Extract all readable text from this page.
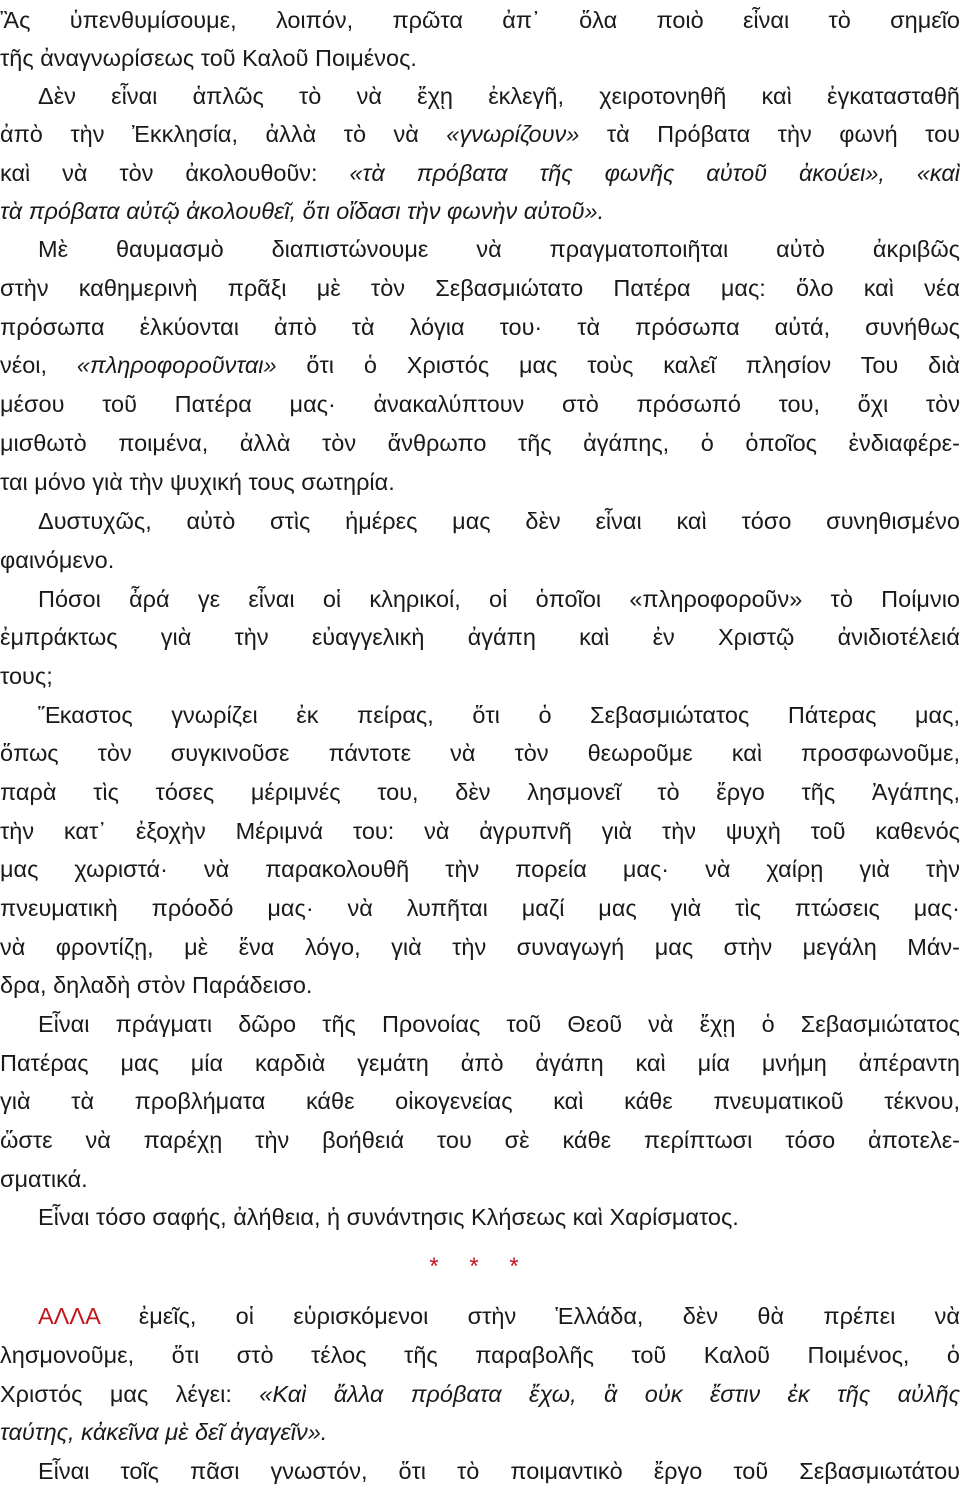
Ἂς ὑπενθυμίσουμε, λοιπόν, πρῶτα ἀπ᾽ ὅλα ποιὸ εἶναι τὸ σημεῖο
τῆς ἀναγνωρίσεως τοῦ Καλοῦ Ποιμένος.
Δὲν εἶναι ἁπλῶς τὸ νὰ ἔχῃ ἐκλεγῆ, χειροτονηθῆ καὶ ἐγκατασταθῆ
ἀπὸ τὴν Ἐκκλησία, ἀλλὰ τὸ νὰ «γνωρίζουν» τὰ Πρόβατα τὴν φωνή του
καὶ νὰ τὸν ἀκολουθοῦν: «τὰ πρόβατα τῆς φωνῆς αὐτοῦ ἀκούει», «καὶ
τὰ πρόβατα αὐτῷ ἀκολουθεῖ, ὅτι οἴδασι τὴν φωνὴν αὐτοῦ».
Μὲ θαυμασμὸ διαπιστώνουμε νὰ πραγματοποιῆται αὐτὸ ἀκριβῶς
στὴν καθημερινὴ πρᾶξι μὲ τὸν Σεβασμιώτατο Πατέρα μας: ὅλο καὶ νέα
πρόσωπα ἑλκύονται ἀπὸ τὰ λόγια του· τὰ πρόσωπα αὐτά, συνήθως
νέοι, «πληροφοροῦνται» ὅτι ὁ Χριστός μας τοὺς καλεῖ πλησίον Του διὰ
μέσου τοῦ Πατέρα μας· ἀνακαλύπτουν στὸ πρόσωπό του, ὄχι τὸν
μισθωτὸ ποιμένα, ἀλλὰ τὸν ἄνθρωπο τῆς ἀγάπης, ὁ ὁποῖος ἐνδιαφέρε-
ται μόνο γιὰ τὴν ψυχική τους σωτηρία.
Δυστυχῶς, αὐτὸ στὶς ἡμέρες μας δὲν εἶναι καὶ τόσο συνηθισμένο
φαινόμενο.
Πόσοι ἆρά γε εἶναι οἱ κληρικοί, οἱ ὁποῖοι «πληροφοροῦν» τὸ Ποίμνιο
ἐμπράκτως γιὰ τὴν εὐαγγελικὴ ἀγάπη καὶ ἐν Χριστῷ ἀνιδιοτέλειά
τους;
Ἕκαστος γνωρίζει ἐκ πείρας, ὅτι ὁ Σεβασμιώτατος Πάτερας μας,
ὅπως τὸν συγκινοῦσε πάντοτε νὰ τὸν θεωροῦμε καὶ προσφωνοῦμε,
παρὰ τὶς τόσες μέριμνές του, δὲν λησμονεῖ τὸ ἔργο τῆς Ἀγάπης,
τὴν κατ᾽ ἐξοχὴν Μέριμνά του: νὰ ἀγρυπνῆ γιὰ τὴν ψυχὴ τοῦ καθενός
μας χωριστά· νὰ παρακολουθῆ τὴν πορεία μας· νὰ χαίρῃ γιὰ τὴν
πνευματικὴ πρόοδό μας· νὰ λυπῆται μαζί μας γιὰ τὶς πτώσεις μας·
νὰ φροντίζῃ, μὲ ἕνα λόγο, γιὰ τὴν συναγωγή μας στὴν μεγάλη Μάν-
δρα, δηλαδὴ στὸν Παράδεισο.
Εἶναι πράγματι δῶρο τῆς Προνοίας τοῦ Θεοῦ νὰ ἔχῃ ὁ Σεβασμιώτατος
Πατέρας μας μία καρδιὰ γεμάτη ἀπὸ ἀγάπη καὶ μία μνήμη ἀπέραντη
γιὰ τὰ προβλήματα κάθε οἰκογενείας καὶ κάθε πνευματικοῦ τέκνου,
ὥστε νὰ παρέχῃ τὴν βοήθειά του σὲ κάθε περίπτωσι τόσο ἀποτελε-
σματικά.
Εἶναι τόσο σαφής, ἀλήθεια, ἡ συνάντησις Κλήσεως καὶ Χαρίσματος.
* * *
ΑΛΛΑ ἐμεῖς, οἱ εὑρισκόμενοι στὴν Ἑλλάδα, δὲν θὰ πρέπει νὰ
λησμονοῦμε, ὅτι στὸ τέλος τῆς παραβολῆς τοῦ Καλοῦ Ποιμένος, ὁ
Χριστός μας λέγει: «Καὶ ἄλλα πρόβατα ἔχω, ἃ οὐκ ἔστιν ἐκ τῆς αὐλῆς
ταύτης, κἀκεῖνα μὲ δεῖ ἀγαγεῖν».
Εἶναι τοῖς πᾶσι γνωστόν, ὅτι τὸ ποιμαντικὸ ἔργο τοῦ Σεβασμιωτάτου
